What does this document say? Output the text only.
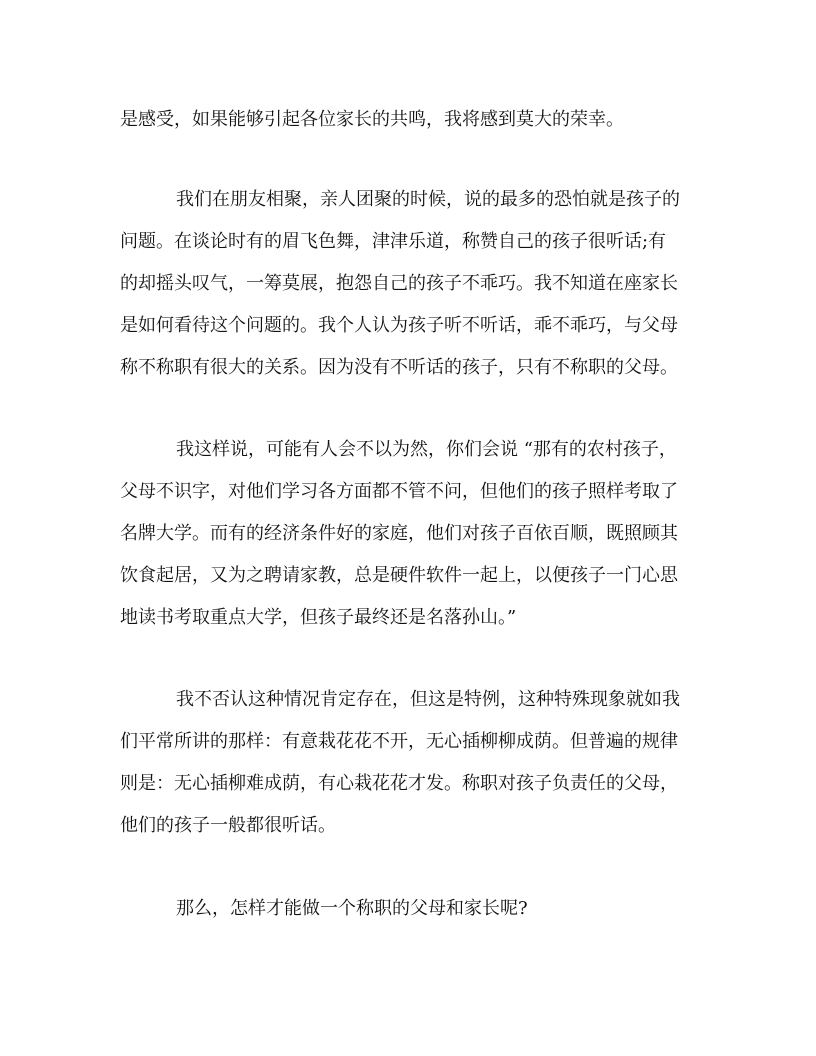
是感受，如果能够引起各位家长的共鸣，我将感到莫大的荣幸。

我们在朋友相聚，亲人团聚的时候，说的最多的恐怕就是孩子的

问题。在谈论时有的眉飞色舞，津津乐道，称赞自己的孩子很听话;有

的却摇头叹气，一筹莫展，抱怨自己的孩子不乖巧。我不知道在座家长

是如何看待这个问题的。我个人认为孩子听不听话，乖不乖巧，与父母

称不称职有很大的关系。因为没有不听话的孩子，只有不称职的父母。

我这样说，可能有人会不以为然，你们会说 “那有的农村孩子，

父母不识字，对他们学习各方面都不管不问，但他们的孩子照样考取了

名牌大学。而有的经济条件好的家庭，他们对孩子百依百顺，既照顾其

饮食起居，又为之聘请家教，总是硬件软件一起上，以便孩子一门心思

地读书考取重点大学，但孩子最终还是名落孙山。”

我不否认这种情况肯定存在，但这是特例，这种特殊现象就如我

们平常所讲的那样：有意栽花花不开，无心插柳柳成荫。但普遍的规律

则是：无心插柳难成荫，有心栽花花才发。称职对孩子负责任的父母，

他们的孩子一般都很听话。

那么，怎样才能做一个称职的父母和家长呢?
